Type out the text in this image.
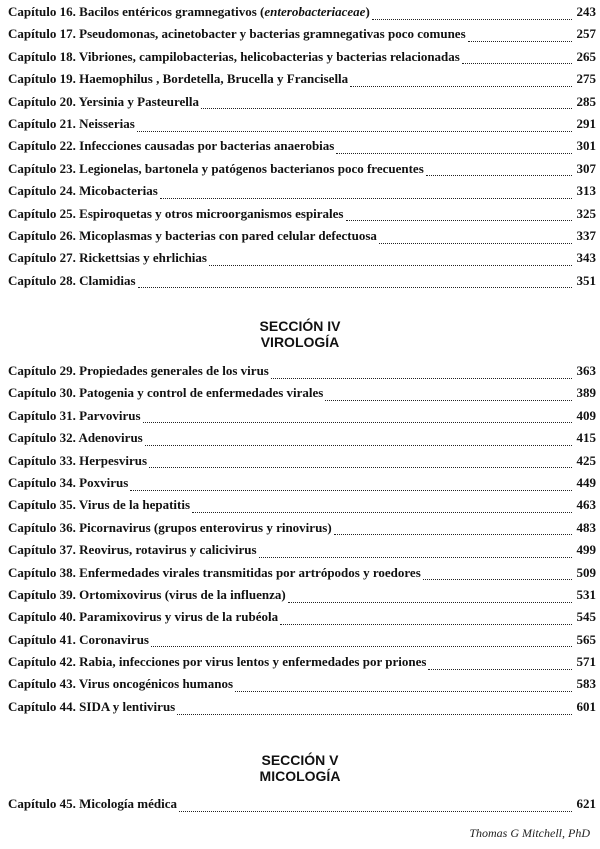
Capítulo 16. Bacilos entéricos gramnegativos (enterobacteriaceae)	243
Capítulo 17. Pseudomonas, acinetobacter y bacterias gramnegativas poco comunes	257
Capítulo 18. Vibriones, campilobacterias, helicobacterias y bacterias relacionadas	265
Capítulo 19. Haemophilus , Bordetella, Brucella y Francisella	275
Capítulo 20. Yersinia y Pasteurella	285
Capítulo 21. Neisserias	291
Capítulo 22. Infecciones causadas por bacterias anaerobias	301
Capítulo 23. Legionelas, bartonela y patógenos bacterianos poco frecuentes	307
Capítulo 24. Micobacterias	313
Capítulo 25. Espiroquetas y otros microorganismos espirales	325
Capítulo 26. Micoplasmas y bacterias con pared celular defectuosa	337
Capítulo 27. Rickettsias y ehrlichias	343
Capítulo 28. Clamidias	351
SECCIÓN IV
VIROLOGÍA
Capítulo 29. Propiedades generales de los virus	363
Capítulo 30. Patogenia y control de enfermedades virales	389
Capítulo 31. Parvovirus	409
Capítulo 32. Adenovirus	415
Capítulo 33. Herpesvirus	425
Capítulo 34. Poxvirus	449
Capítulo 35. Virus de la hepatitis	463
Capítulo 36. Picornavirus (grupos enterovirus y rinovirus)	483
Capítulo 37. Reovirus, rotavirus y calicivirus	499
Capítulo 38. Enfermedades virales transmitidas por artrópodos y roedores	509
Capítulo 39. Ortomixovirus (virus de la influenza)	531
Capítulo 40. Paramixovirus y virus de la rubéola	545
Capítulo 41. Coronavirus	565
Capítulo 42. Rabia, infecciones por virus lentos y enfermedades por priones	571
Capítulo 43. Virus oncogénicos humanos	583
Capítulo 44. SIDA y lentivirus	601
SECCIÓN V
MICOLOGÍA
Capítulo 45. Micología médica	621
Thomas G Mitchell, PhD
